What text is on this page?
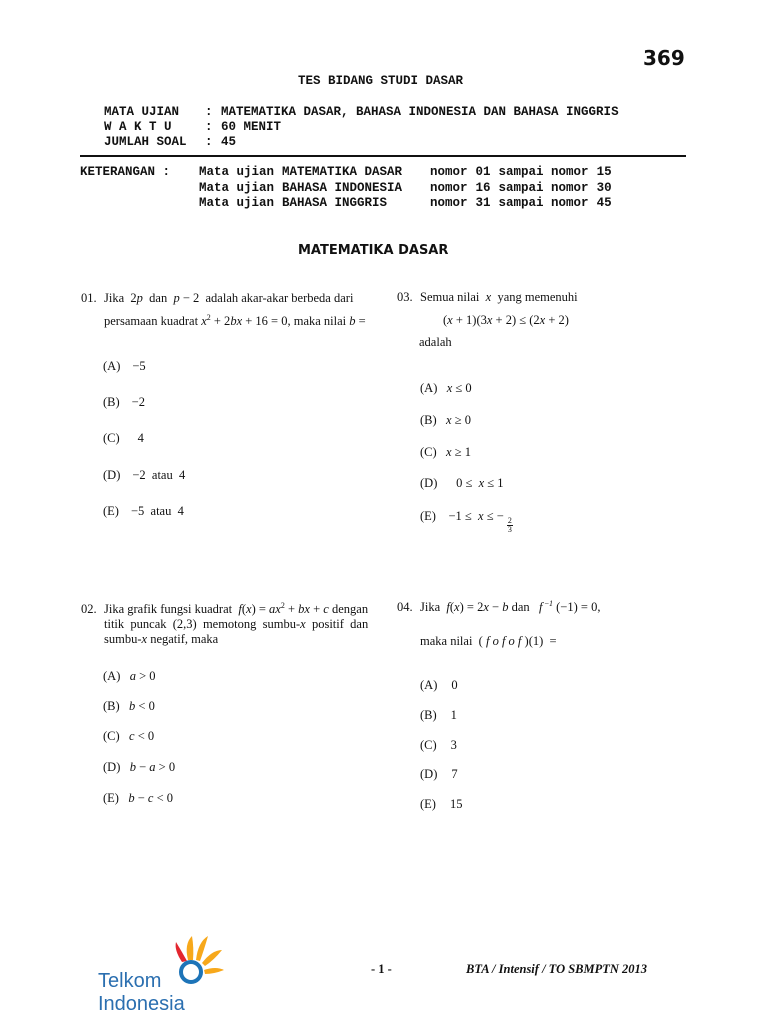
369
TES BIDANG STUDI DASAR
MATA UJIAN	:	MATEMATIKA DASAR, BAHASA INDONESIA DAN BAHASA INGGRIS
W A K T U	:	60 MENIT
JUMLAH SOAL	:	45
KETERANGAN : Mata ujian	MATEMATIKA DASAR	nomor	01	sampai nomor	15
Mata ujian	BAHASA INDONESIA	nomor	16	sampai nomor	30
Mata ujian	BAHASA INGGRIS	nomor	31	sampai nomor	45
MATEMATIKA DASAR
01. Jika  2p  dan  p − 2  adalah akar-akar berbeda dari
persamaan kuadrat $x^2 + 2bx + 16 = 0$, maka nilai b =
(A) −5
(B) −2
(C) 4
(D) −2  atau  4
(E) −5  atau  4
03. Semua nilai  x  yang memenuhi
(x + 1)(3x + 2) ≤ (2x + 2)
adalah
(A) x ≤ 0
(B) x ≥ 0
(C) x ≥ 1
(D)      0 ≤  x ≤ 1
(E)    −1 ≤  x ≤ −
$\frac{2}{3}$
02. Jika grafik fungsi kuadrat  $f(x) = ax^2$ + bx + c dengan
titik  puncak  (2,3)  memotong  sumbu-x  positif  dan
sumbu-x negatif, maka
(A) a > 0
(B) b < 0
(C) c < 0
(D) b − a > 0
(E) b − c < 0
04. Jika  f(x) = 2x − b dan   f $^{-1}$ (−1) = 0,
maka nilai  ( f o f o f )(1)  =
(A) 0
(B) 1
(C) 3
(D) 7
(E) 15
Telkom
Indonesia
- 1 -	BTA / Intensif / TO SBMPTN 2013
